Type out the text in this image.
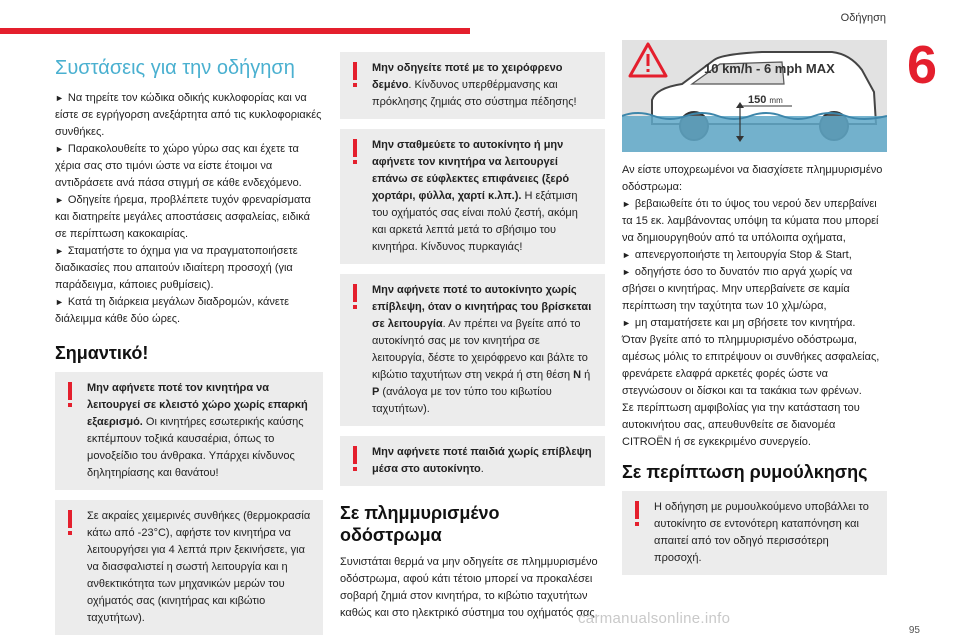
Οδήγηση
6
Συστάσεις για την οδήγηση
► Να τηρείτε τον κώδικα οδικής κυκλοφορίας και να είστε σε εγρήγορση ανεξάρτητα από τις κυκλοφοριακές συνθήκες.
► Παρακολουθείτε το χώρο γύρω σας και έχετε τα χέρια σας στο τιμόνι ώστε να είστε έτοιμοι να αντιδράσετε ανά πάσα στιγμή σε κάθε ενδεχόμενο.
► Οδηγείτε ήρεμα, προβλέπετε τυχόν φρεναρίσματα και διατηρείτε μεγάλες αποστάσεις ασφαλείας, ειδικά σε περίπτωση κακοκαιρίας.
► Σταματήστε το όχημα για να πραγματοποιήσετε διαδικασίες που απαιτούν ιδιαίτερη προσοχή (για παράδειγμα, κάποιες ρυθμίσεις).
► Κατά τη διάρκεια μεγάλων διαδρομών, κάνετε διάλειμμα κάθε δύο ώρες.
Σημαντικό!
Μην αφήνετε ποτέ τον κινητήρα να λειτουργεί σε κλειστό χώρο χωρίς επαρκή εξαερισμό. Οι κινητήρες εσωτερικής καύσης εκπέμπουν τοξικά καυσαέρια, όπως το μονοξείδιο του άνθρακα. Υπάρχει κίνδυνος δηλητηρίασης και θανάτου!
Σε ακραίες χειμερινές συνθήκες (θερμοκρασία κάτω από -23°C), αφήστε τον κινητήρα να λειτουργήσει για 4 λεπτά πριν ξεκινήσετε, για να διασφαλιστεί η σωστή λειτουργία και η ανθεκτικότητα των μηχανικών μερών του οχήματός σας (κινητήρας και κιβώτιο ταχυτήτων).
Μην οδηγείτε ποτέ με το χειρόφρενο δεμένο. Κίνδυνος υπερθέρμανσης και πρόκλησης ζημιάς στο σύστημα πέδησης!
Μην σταθμεύετε το αυτοκίνητο ή μην αφήνετε τον κινητήρα να λειτουργεί επάνω σε εύφλεκτες επιφάνειες (ξερό χορτάρι, φύλλα, χαρτί κ.λπ.). Η εξάτμιση του οχήματός σας είναι πολύ ζεστή, ακόμη και αρκετά λεπτά μετά το σβήσιμο του κινητήρα. Κίνδυνος πυρκαγιάς!
Μην αφήνετε ποτέ το αυτοκίνητο χωρίς επίβλεψη, όταν ο κινητήρας του βρίσκεται σε λειτουργία. Αν πρέπει να βγείτε από το αυτοκίνητό σας με τον κινητήρα σε λειτουργία, δέστε το χειρόφρενο και βάλτε το κιβώτιο ταχυτήτων στη νεκρά ή στη θέση N ή P (ανάλογα με τον τύπο του κιβωτίου ταχυτήτων).
Μην αφήνετε ποτέ παιδιά χωρίς επίβλεψη μέσα στο αυτοκίνητο.
Σε πλημμυρισμένο οδόστρωμα

Συνιστάται θερμά να μην οδηγείτε σε πλημμυρισμένο οδόστρωμα, αφού κάτι τέτοιο μπορεί να προκαλέσει σοβαρή ζημιά στον κινητήρα, το κιβώτιο ταχυτήτων καθώς και στο ηλεκτρικό σύστημα του οχήματός σας.

10 km/h - 6 mph MAX
150 mm

Αν είστε υποχρεωμένοι να διασχίσετε πλημμυρισμένο οδόστρωμα:

► βεβαιωθείτε ότι το ύψος του νερού δεν υπερβαίνει τα 15 εκ. λαμβάνοντας υπόψη τα κύματα που μπορεί να δημιουργηθούν από τα υπόλοιπα οχήματα,
► απενεργοποιήστε τη λειτουργία Stop & Start,
► οδηγήστε όσο το δυνατόν πιο αργά χωρίς να σβήσει ο κινητήρας. Μην υπερβαίνετε σε καμία περίπτωση την ταχύτητα των 10 χλμ/ώρα,
► μη σταματήσετε και μη σβήσετε τον κινητήρα.

Όταν βγείτε από το πλημμυρισμένο οδόστρωμα, αμέσως μόλις το επιτρέψουν οι συνθήκες ασφαλείας, φρενάρετε ελαφρά αρκετές φορές ώστε να στεγνώσουν οι δίσκοι και τα τακάκια των φρένων.

Σε περίπτωση αμφιβολίας για την κατάσταση του αυτοκινήτου σας, απευθυνθείτε σε διανομέα CITROËN ή σε εγκεκριμένο συνεργείο.

Σε περίπτωση ρυμούλκησης
Η οδήγηση με ρυμουλκούμενο υποβάλλει το αυτοκίνητο σε εντονότερη καταπόνηση και απαιτεί από τον οδηγό περισσότερη προσοχή.
carmanualsonline.info
95
